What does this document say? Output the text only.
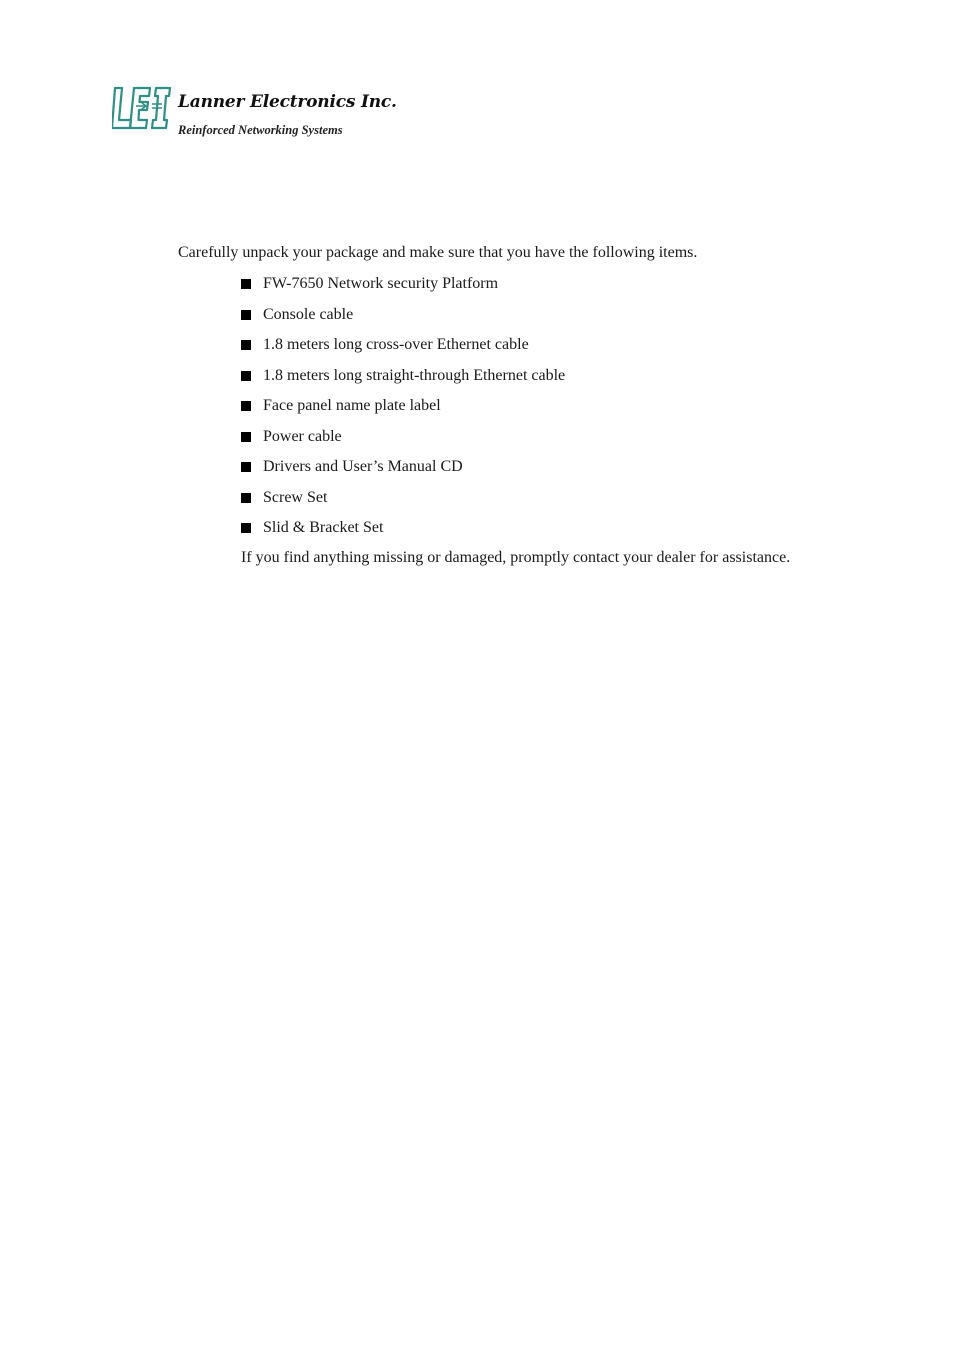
Lanner Electronics Inc.
Reinforced Networking Systems
Carefully unpack your package and make sure that you have the following items.
FW-7650 Network security Platform
Console cable
1.8 meters long cross-over Ethernet cable
1.8 meters long straight-through Ethernet cable
Face panel name plate label
Power cable
Drivers and User’s Manual CD
Screw Set
Slid & Bracket Set
If you find anything missing or damaged, promptly contact your dealer for assistance.
